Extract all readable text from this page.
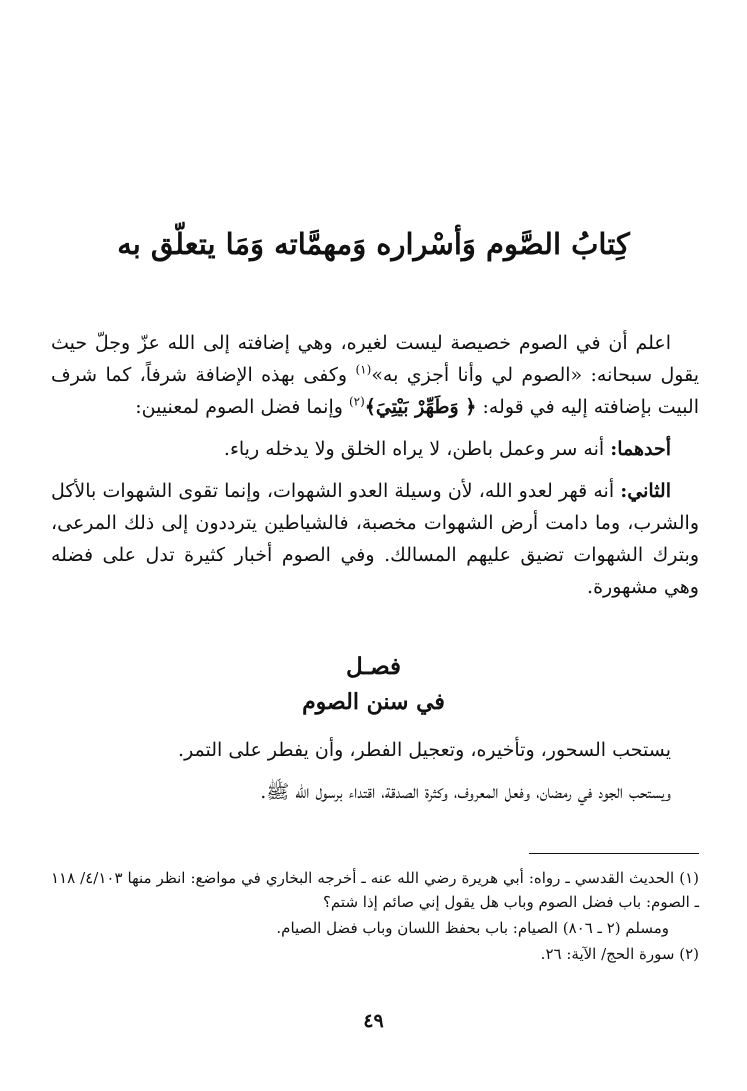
كِتابُ الصَّوم وَأسْراره وَمهمَّاته وَمَا يتعلّق به

اعلم أن في الصوم خصيصة ليست لغيره، وهي إضافته إلى الله عزّ وجلّ حيث يقول سبحانه: «الصوم لي وأنا أجزي به»$^{(١)}$ وكفى بهذه الإضافة شرفاً، كما شرف البيت بإضافته إليه في قوله: ﴿ وَطَهِّرْ بَيْتِيَ﴾$^{(٢)}$ وإنما فضل الصوم لمعنيين:

أحدهما: أنه سر وعمل باطن، لا يراه الخلق ولا يدخله رياء.

الثاني: أنه قهر لعدو الله، لأن وسيلة العدو الشهوات، وإنما تقوى الشهوات بالأكل والشرب، وما دامت أرض الشهوات مخصبة، فالشياطين يترددون إلى ذلك المرعى، وبترك الشهوات تضيق عليهم المسالك. وفي الصوم أخبار كثيرة تدل على فضله وهي مشهورة.

فصـل
في سنن الصوم

يستحب السحور، وتأخيره، وتعجيل الفطر، وأن يفطر على التمر.

ويستحب الجود في رمضان، وفعل المعروف، وكثرة الصدقة، اقتداء برسول الله ﷺ.

(١) الحديث القدسي ـ رواه: أبي هريرة رضي الله عنه ـ أخرجه البخاري في مواضع: انظر منها ٤/١٠٣/ ١١٨ ـ الصوم: باب فضل الصوم وباب هل يقول إني صائم إذا شتم؟

ومسلم (٢ ـ ٨٠٦) الصيام: باب بحفظ اللسان وباب فضل الصيام.

(٢) سورة الحج/ الآية: ٢٦.

٤٩
